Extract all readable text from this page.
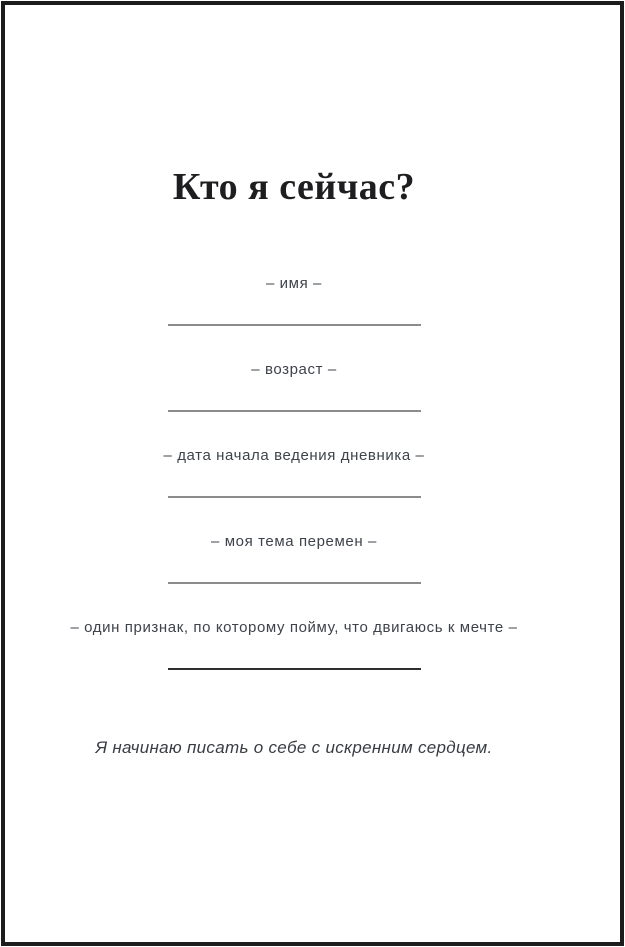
Кто я сейчас?
– имя –
– возраст –
– дата начала ведения дневника –
– моя тема перемен –
– один признак, по которому пойму, что двигаюсь к мечте –
Я начинаю писать о себе с искренним сердцем.
